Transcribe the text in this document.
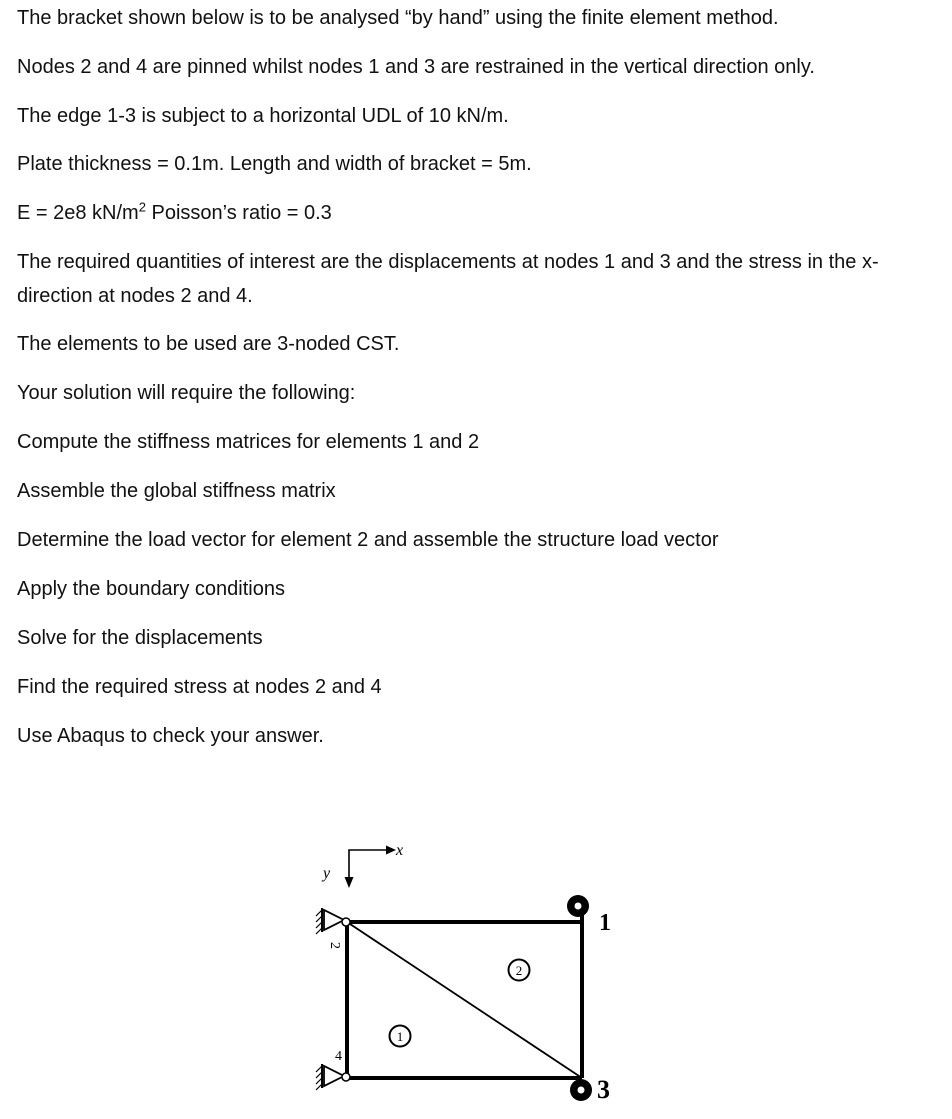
The bracket shown below is to be analysed “by hand” using the finite element method.

Nodes 2 and 4 are pinned whilst nodes 1 and 3 are restrained in the vertical direction only.

The edge 1-3 is subject to a horizontal UDL of 10 kN/m.

Plate thickness = 0.1m. Length and width of bracket = 5m.

E = 2e8 $kN/m^2$ Poisson’s ratio = 0.3

The required quantities of interest are the displacements at nodes 1 and 3 and the stress in the x-direction at nodes 2 and 4.

The elements to be used are 3-noded CST.

Your solution will require the following:

Compute the stiffness matrices for elements 1 and 2

Assemble the global stiffness matrix

Determine the load vector for element 2 and assemble the structure load vector

Apply the boundary conditions

Solve for the displacements

Find the required stress at nodes 2 and 4

Use Abaqus to check your answer.

x
y
1
2
3
4
1
2
